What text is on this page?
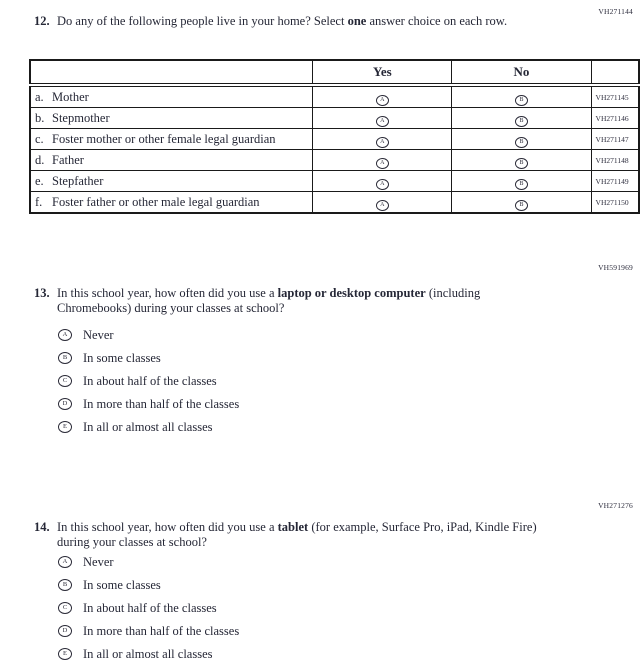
VH271144
12. Do any of the following people live in your home? Select one answer choice on each row.
	Yes	No	
a. Mother	A	B	VH271145
b. Stepmother	A	B	VH271146
c. Foster mother or other female legal guardian	A	B	VH271147
d. Father	A	B	VH271148
e. Stepfather	A	B	VH271149
f. Foster father or other male legal guardian	A	B	VH271150
VH591969
13. In this school year, how often did you use a laptop or desktop computer (including Chromebooks) during your classes at school?
A	Never
B	In some classes
C	In about half of the classes
D	In more than half of the classes
E	In all or almost all classes
VH271276
14. In this school year, how often did you use a tablet (for example, Surface Pro, iPad, Kindle Fire) during your classes at school?
A	Never
B	In some classes
C	In about half of the classes
D	In more than half of the classes
E	In all or almost all classes
